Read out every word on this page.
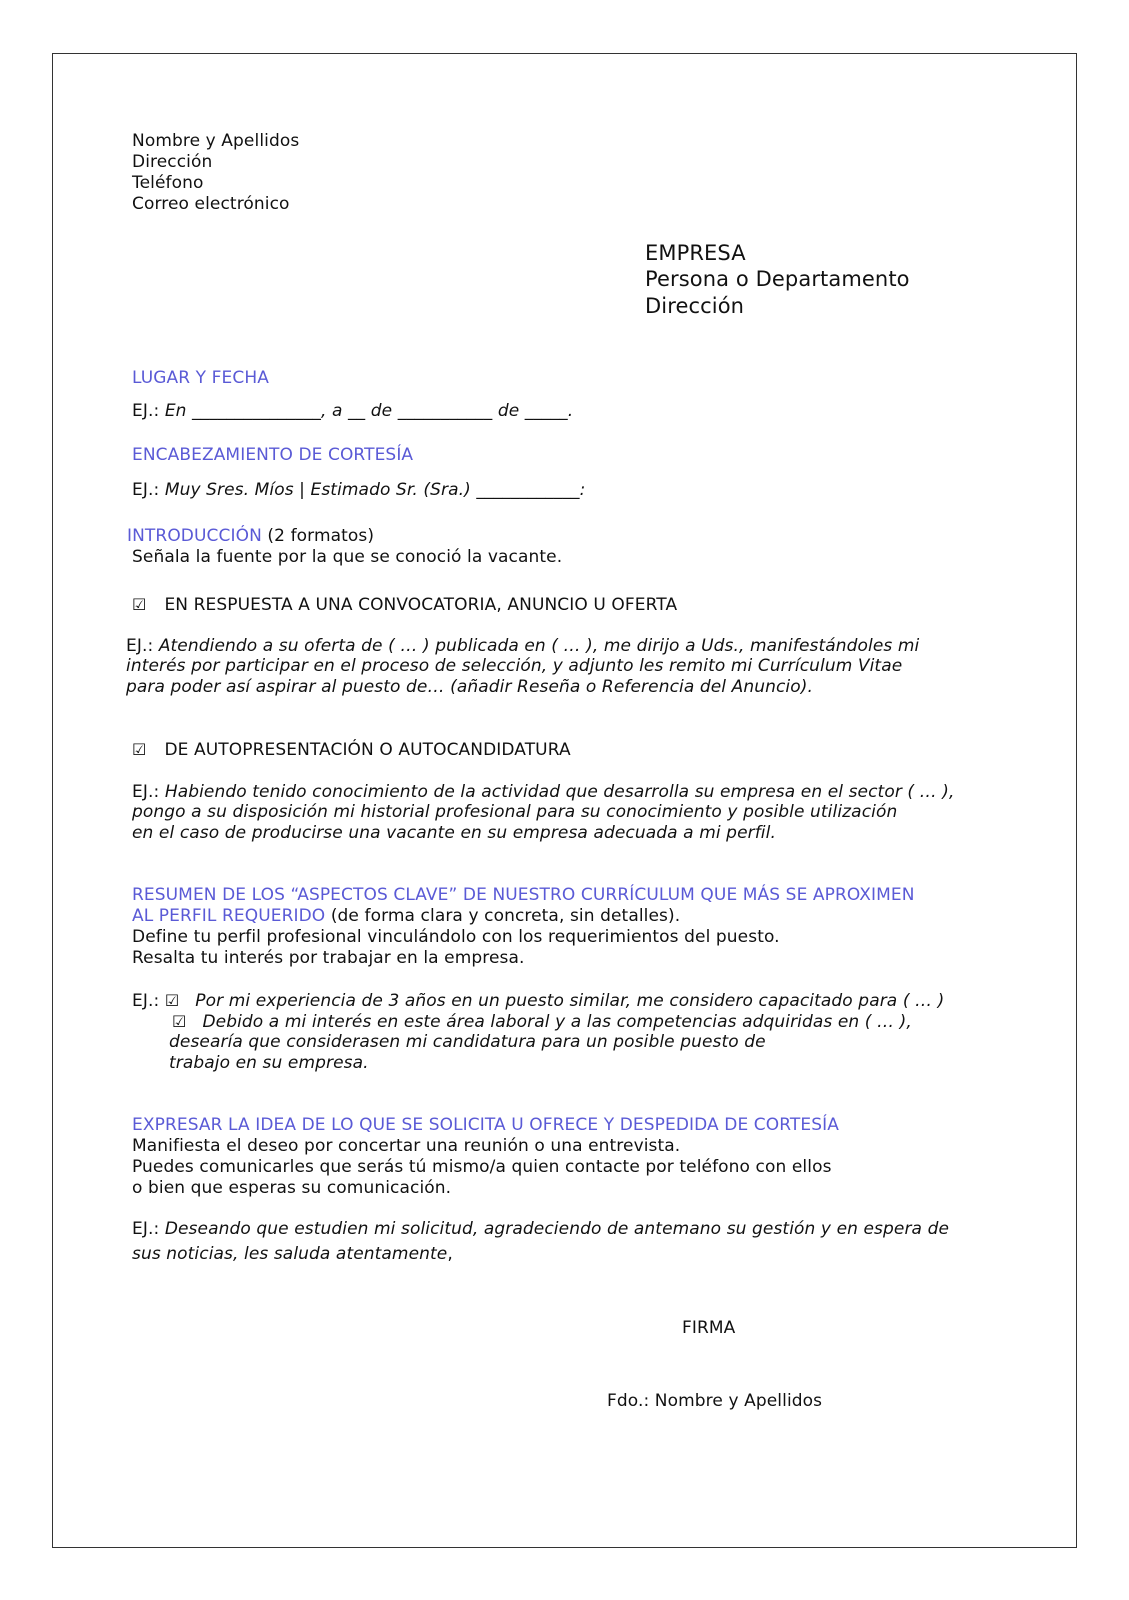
Nombre y Apellidos
Dirección
Teléfono
Correo electrónico
EMPRESA
Persona o Departamento
Dirección
LUGAR Y FECHA
EJ.: En _______________, a __ de ___________ de _____.
ENCABEZAMIENTO DE CORTESÍA
EJ.: Muy Sres. Míos | Estimado Sr. (Sra.) ____________:
INTRODUCCIÓN (2 formatos)
Señala la fuente por la que se conoció la vacante.
☑ EN RESPUESTA A UNA CONVOCATORIA, ANUNCIO U OFERTA
EJ.: Atendiendo a su oferta de ( … ) publicada en ( … ), me dirijo a Uds., manifestándoles mi
interés por participar en el proceso de selección, y adjunto les remito mi Currículum Vitae
para poder así aspirar al puesto de… (añadir Reseña o Referencia del Anuncio).
☑ DE AUTOPRESENTACIÓN O AUTOCANDIDATURA
EJ.: Habiendo tenido conocimiento de la actividad que desarrolla su empresa en el sector ( … ),
pongo a su disposición mi historial profesional para su conocimiento y posible utilización
en el caso de producirse una vacante en su empresa adecuada a mi perfil.
RESUMEN DE LOS “ASPECTOS CLAVE” DE NUESTRO CURRÍCULUM QUE MÁS SE APROXIMEN
AL PERFIL REQUERIDO (de forma clara y concreta, sin detalles).
Define tu perfil profesional vinculándolo con los requerimientos del puesto.
Resalta tu interés por trabajar en la empresa.
EJ.: ☑ Por mi experiencia de 3 años en un puesto similar, me considero capacitado para ( … )
☑ Debido a mi interés en este área laboral y a las competencias adquiridas en ( … ),
desearía que considerasen mi candidatura para un posible puesto de
trabajo en su empresa.
EXPRESAR LA IDEA DE LO QUE SE SOLICITA U OFRECE Y DESPEDIDA DE CORTESÍA
Manifiesta el deseo por concertar una reunión o una entrevista.
Puedes comunicarles que serás tú mismo/a quien contacte por teléfono con ellos
o bien que esperas su comunicación.
EJ.: Deseando que estudien mi solicitud, agradeciendo de antemano su gestión y en espera de
sus noticias, les saluda atentamente,
FIRMA
Fdo.: Nombre y Apellidos
